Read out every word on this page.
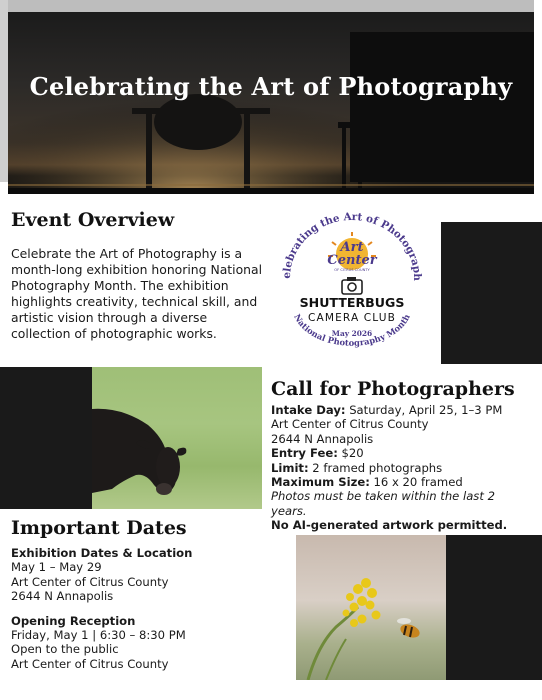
Celebrating the Art of Photography
Event Overview
Celebrate the Art of Photography is a month-long exhibition honoring National Photography Month. The exhibition highlights creativity, technical skill, and artistic vision through a diverse collection of photographic works.
elebrating the Art of Photograph
Art
Center
OF CITRUS COUNTY
SHUTTERBUGS
CAMERA CLUB
May 2026
National Photography Month
Call for Photographers
Intake Day: Saturday, April 25, 1–3 PM
Art Center of Citrus County
2644 N Annapolis
Entry Fee: $20
Limit: 2 framed photographs
Maximum Size: 16 x 20 framed
Photos must be taken within the last 2 years.
No AI-generated artwork permitted.
Important Dates
Exhibition Dates & Location
May 1 – May 29
Art Center of Citrus County
2644 N Annapolis
Opening Reception
Friday, May 1 | 6:30 – 8:30 PM
Open to the public
Art Center of Citrus County
